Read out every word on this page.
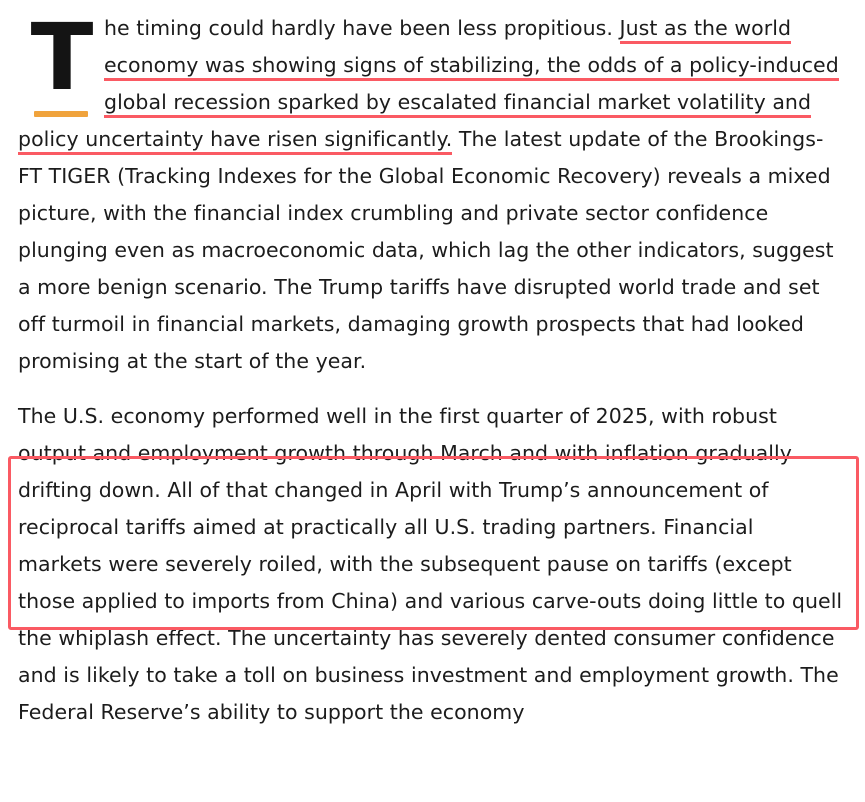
T he timing could hardly have been less propitious. Just as the world economy was showing signs of stabilizing, the odds of a policy-induced global recession sparked by escalated financial market volatility and policy uncertainty have risen significantly. The latest update of the Brookings-FT TIGER (Tracking Indexes for the Global Economic Recovery) reveals a mixed picture, with the financial index crumbling and private sector confidence plunging even as macroeconomic data, which lag the other indicators, suggest a more benign scenario. The Trump tariffs have disrupted world trade and set off turmoil in financial markets, damaging growth prospects that had looked promising at the start of the year.

The U.S. economy performed well in the first quarter of 2025, with robust output and employment growth through March and with inflation gradually drifting down. All of that changed in April with Trump’s announcement of reciprocal tariffs aimed at practically all U.S. trading partners. Financial markets were severely roiled, with the subsequent pause on tariffs (except those applied to imports from China) and various carve-outs doing little to quell the whiplash effect. The uncertainty has severely dented consumer confidence and is likely to take a toll on business investment and employment growth. The Federal Reserve’s ability to support the economy
